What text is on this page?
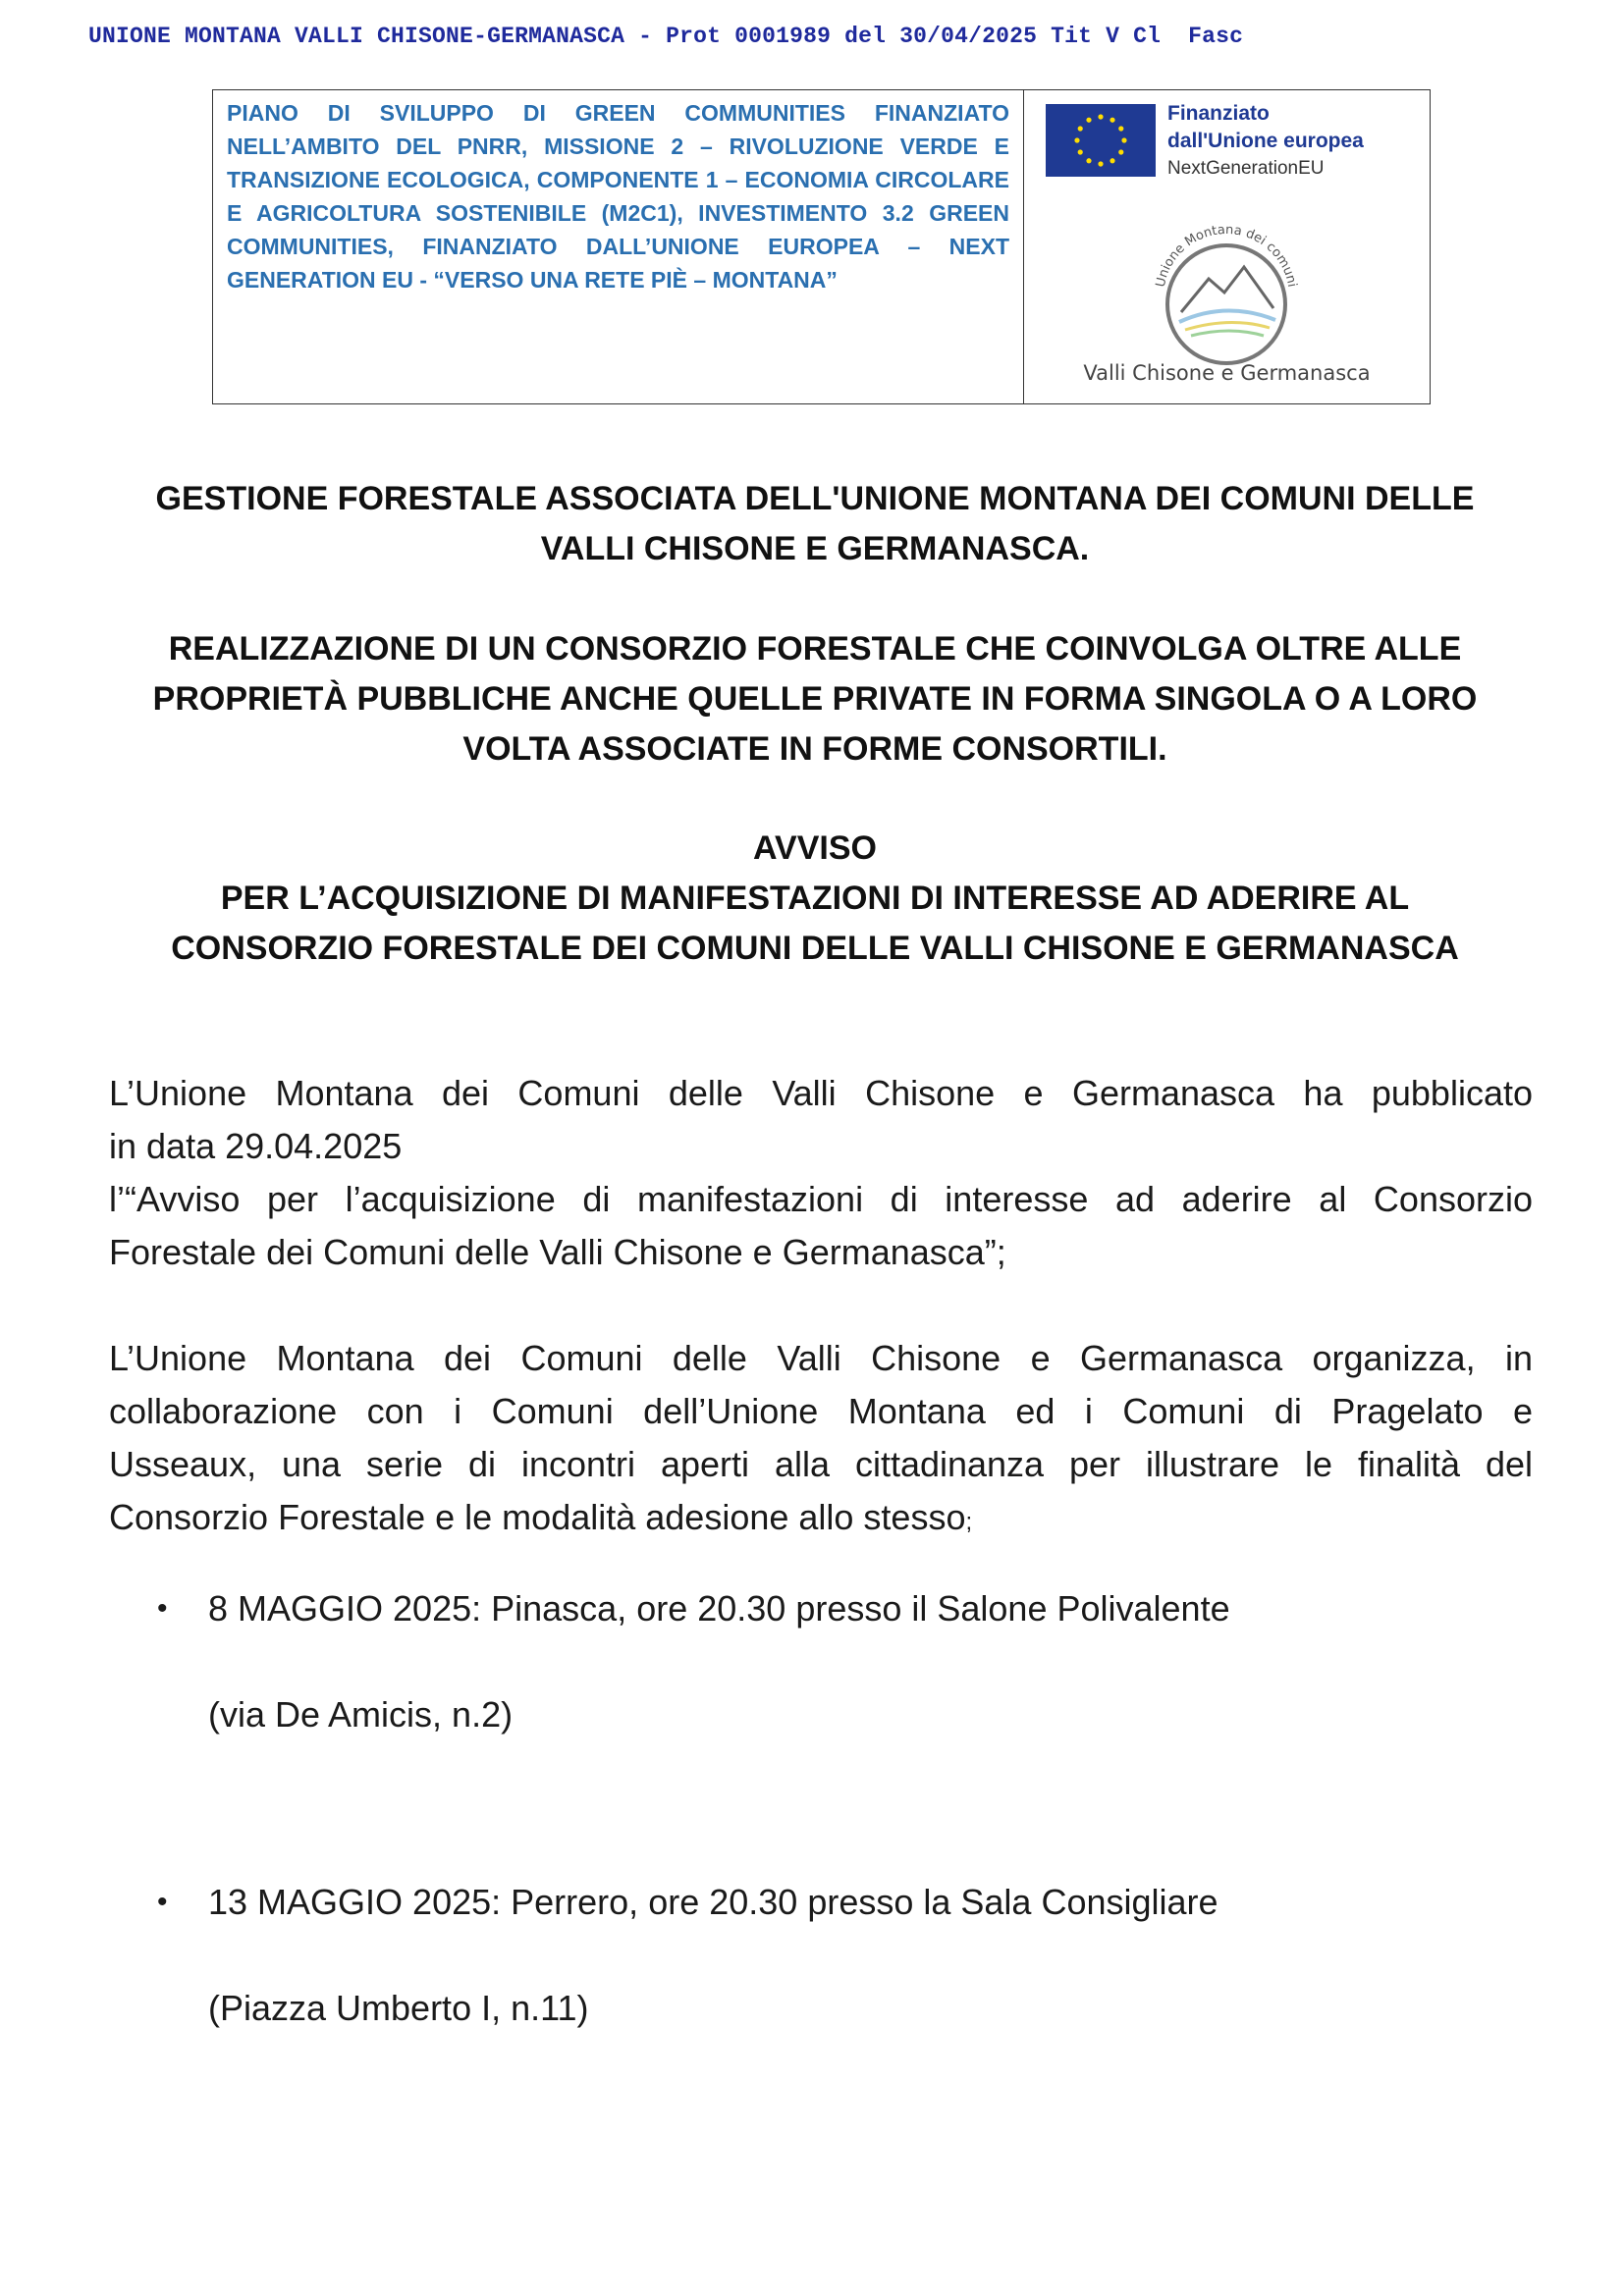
UNIONE MONTANA VALLI CHISONE-GERMANASCA - Prot 0001989 del 30/04/2025 Tit V Cl  Fasc

PIANO DI SVILUPPO DI GREEN COMMUNITIES FINANZIATO
NELL’AMBITO DEL PNRR, MISSIONE 2 – RIVOLUZIONE VERDE E
TRANSIZIONE ECOLOGICA, COMPONENTE 1 – ECONOMIA CIRCOLARE
E AGRICOLTURA SOSTENIBILE (M2C1), INVESTIMENTO 3.2 GREEN
COMMUNITIES, FINANZIATO DALL’UNIONE EUROPEA – NEXT
GENERATION EU - “VERSO UNA RETE PIÈ – MONTANA”

Finanziato
dall'Unione europea
NextGenerationEU
Unione Montana dei comuni
Valli Chisone e Germanasca
GESTIONE FORESTALE ASSOCIATA DELL'UNIONE MONTANA DEI COMUNI DELLE
VALLI CHISONE E GERMANASCA.
REALIZZAZIONE DI UN CONSORZIO FORESTALE CHE COINVOLGA OLTRE ALLE
PROPRIETÀ PUBBLICHE ANCHE QUELLE PRIVATE IN FORMA SINGOLA O A LORO
VOLTA ASSOCIATE IN FORME CONSORTILI.
AVVISO
PER L’ACQUISIZIONE DI MANIFESTAZIONI DI INTERESSE AD ADERIRE AL
CONSORZIO FORESTALE DEI COMUNI DELLE VALLI CHISONE E GERMANASCA

L’Unione Montana dei Comuni delle Valli Chisone e Germanasca ha pubblicato
in data 29.04.2025
l’“Avviso per l’acquisizione di manifestazioni di interesse ad aderire al Consorzio
Forestale dei Comuni delle Valli Chisone e Germanasca”;

L’Unione Montana dei Comuni delle Valli Chisone e Germanasca organizza, in
collaborazione con i Comuni dell’Unione Montana ed i Comuni di Pragelato e
Usseaux, una serie di incontri aperti alla cittadinanza per illustrare le finalità del
Consorzio Forestale e le modalità adesione allo stesso;

•	8 MAGGIO 2025: Pinasca, ore 20.30 presso il Salone Polivalente
(via De Amicis, n.2)
•	13 MAGGIO 2025: Perrero, ore 20.30 presso la Sala Consigliare
(Piazza Umberto I, n.11)
